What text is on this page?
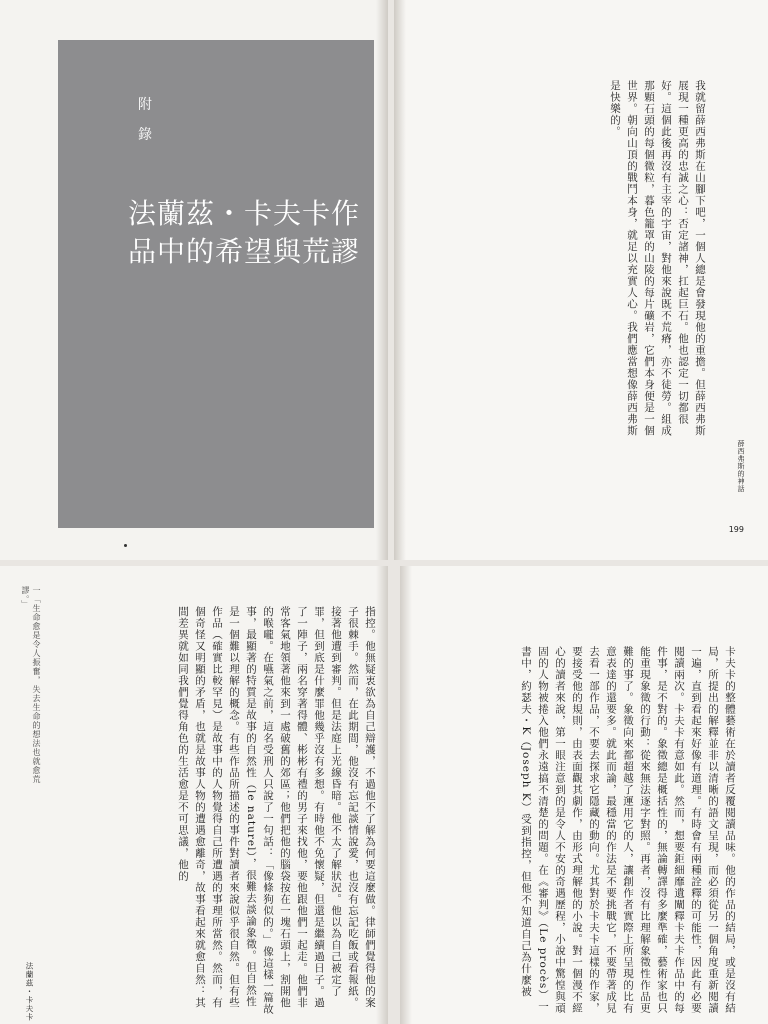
附
錄
法蘭茲・卡夫卡作
品中的希望與荒謬	我就留薛西弗斯在山腳下吧，一個人總是會發現他的重擔。但薛西弗斯展現一種更高的忠誠之心：否定諸神，扛起巨石。他也認定一切都很好。這個此後再沒有主宰的宇宙，對他來說既不荒瘠，亦不徒勞。組成那顆石頭的每個微粒，暮色籠罩的山陵的每片礦岩，它們本身便是一個世界。朝向山頂的戰鬥本身，就足以充實人心。我們應當想像薛西弗斯是快樂的。
薛西弗斯的神話
199
一「生命愈是令人振奮，失去生命的想法也就愈荒謬。」
法蘭茲・卡夫卡	指控。他無疑衷欲為自己辯護，不過他不了解為何要這麼做。律師們覺得他的案子很棘手。然而，在此期間，他沒有忘記談情說愛，也沒有忘記吃飯或看報紙。接著他遭到審判。但是法庭上光線昏暗。他不太了解狀況。他以為自己被定了罪，但到底是什麼罪他幾乎沒有多想。有時他不免懷疑，但還是繼續過日子。過了一陣子，兩名穿著得體、彬彬有禮的男子來找他，要他跟他們一起走。他們非常客氣地領著他來到一處破舊的郊區；他們把他的腦袋按在一塊石頭上，割開他的喉嚨。在嚥氣之前，這名受刑人只說了一句話：「像條狗似的。」像這樣一篇故事，最顯著的特質是故事的自然性（le naturel），很難去談論象徵。但自然性是一個難以理解的概念。有些作品所描述的事件對讀者來說似乎很自然。但有些作品（確實比較罕見）是故事中的人物覺得自己所遭遇的事理所當然。然而，有個奇怪又明顯的矛盾，也就是故事人物的遭遇愈離奇，故事看起來就愈自然：其間差異就如同我們覺得角色的生活愈是不可思議，他的	卡夫卡的整體藝術在於讀者反覆閱讀品味。他的作品的結局，或是沒有結局，所提出的解釋並非以清晰的語文呈現，而必須從另一個角度重新閱讀一遍，直到看起來好像有道理。有時會有兩種詮釋的可能性，因此有必要閱讀兩次。卡夫卡有意如此。然而，想要鉅細靡遺闡釋卡夫卡作品中的每件事，是不對的。象徵總是概括性的，無論轉譯得多麼準確，藝術家也只能重現象徵的行動：從來無法逐字對照。再者，沒有比理解象徵性作品更難的事了。象徵向來都超越了運用它的人，讓創作者實際上所呈現的比有意表達的還要多。就此而論，最穩當的作法是不要挑戰它，不要帶著成見去看一部作品，不要去探求它隱藏的動向。尤其對於卡夫卡這樣的作家，要接受他的規則，由表面觀其劇作，由形式理解他的小說。對一個漫不經心的讀者來說，第一眼注意到的是令人不安的奇遇歷程，小說中驚惶與頑固的人物被捲入他們永遠搞不清楚的問題。在《審判》（Le procès）一書中，約瑟夫・K（Joseph K）受到指控，但他不知道自己為什麼被
